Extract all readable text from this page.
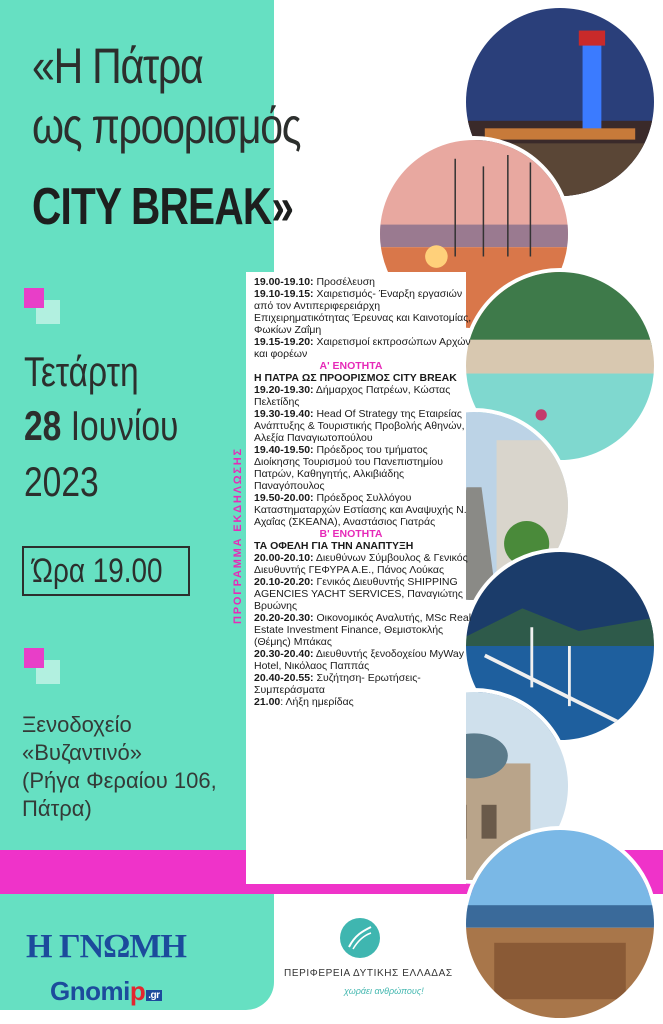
«Η Πάτρα
ως προορισμός
CITY BREAK»
Τετάρτη
28 Ιουνίου
2023
Ώρα 19.00
Ξενοδοχείο
«Βυζαντινό»
(Ρήγα Φεραίου 106,
Πάτρα)
ΠΡΟΓΡΑΜΜΑ ΕΚΔΗΛΩΣΗΣ
19.00-19.10: Προσέλευση
19.10-19.15: Χαιρετισμός- Έναρξη εργασιών από τον Αντιπεριφερειάρχη Επιχειρηματικότητας Έρευνας και Καινοτομίας, Φωκίων Ζαΐμη
19.15-19.20: Χαιρετισμοί εκπροσώπων Αρχών και φορέων
Α' ΕΝΟΤΗΤΑ
Η ΠΑΤΡΑ ΩΣ ΠΡΟΟΡΙΣΜΟΣ CITY BREAK
19.20-19.30: Δήμαρχος Πατρέων, Κώστας Πελετίδης
19.30-19.40: Head Of Strategy της Εταιρείας Ανάπτυξης & Τουριστικής Προβολής Αθηνών, Αλεξία Παναγιωτοπούλου
19.40-19.50: Πρόεδρος του τμήματος Διοίκησης Τουρισμού του Πανεπιστημίου Πατρών, Καθηγητής, Αλκιβιάδης Παναγόπουλος
19.50-20.00: Πρόεδρος Συλλόγου Καταστηματαρχών Εστίασης και Αναψυχής Ν. Αχαΐας (ΣΚΕΑΝΑ), Αναστάσιος Γιατράς
Β' ΕΝΟΤΗΤΑ
ΤΑ ΟΦΕΛΗ ΓΙΑ ΤΗΝ ΑΝΑΠΤΥΞΗ
20.00-20.10: Διευθύνων Σύμβουλος & Γενικός Διευθυντής ΓΕΦΥΡΑ Α.Ε., Πάνος Λούκας
20.10-20.20: Γενικός Διευθυντής SHIPPING AGENCIES YACHT SERVICES, Παναγιώτης Βρυώνης
20.20-20.30: Οικονομικός Αναλυτής, MSc Real Estate Investment Finance, Θεμιστοκλής (Θέμης) Μπάκας
20.30-20.40: Διευθυντής ξενοδοχείου MyWay Hotel, Νικόλαος Παππάς
20.40-20.55: Συζήτηση- Ερωτήσεις- Συμπεράσματα
21.00: Λήξη ημερίδας
Η ΓΝΩΜΗ
Gnomip .gr
ΠΕΡΙΦΕΡΕΙΑ ΔΥΤΙΚΗΣ ΕΛΛΑΔΑΣ
χωράει ανθρώπους!
